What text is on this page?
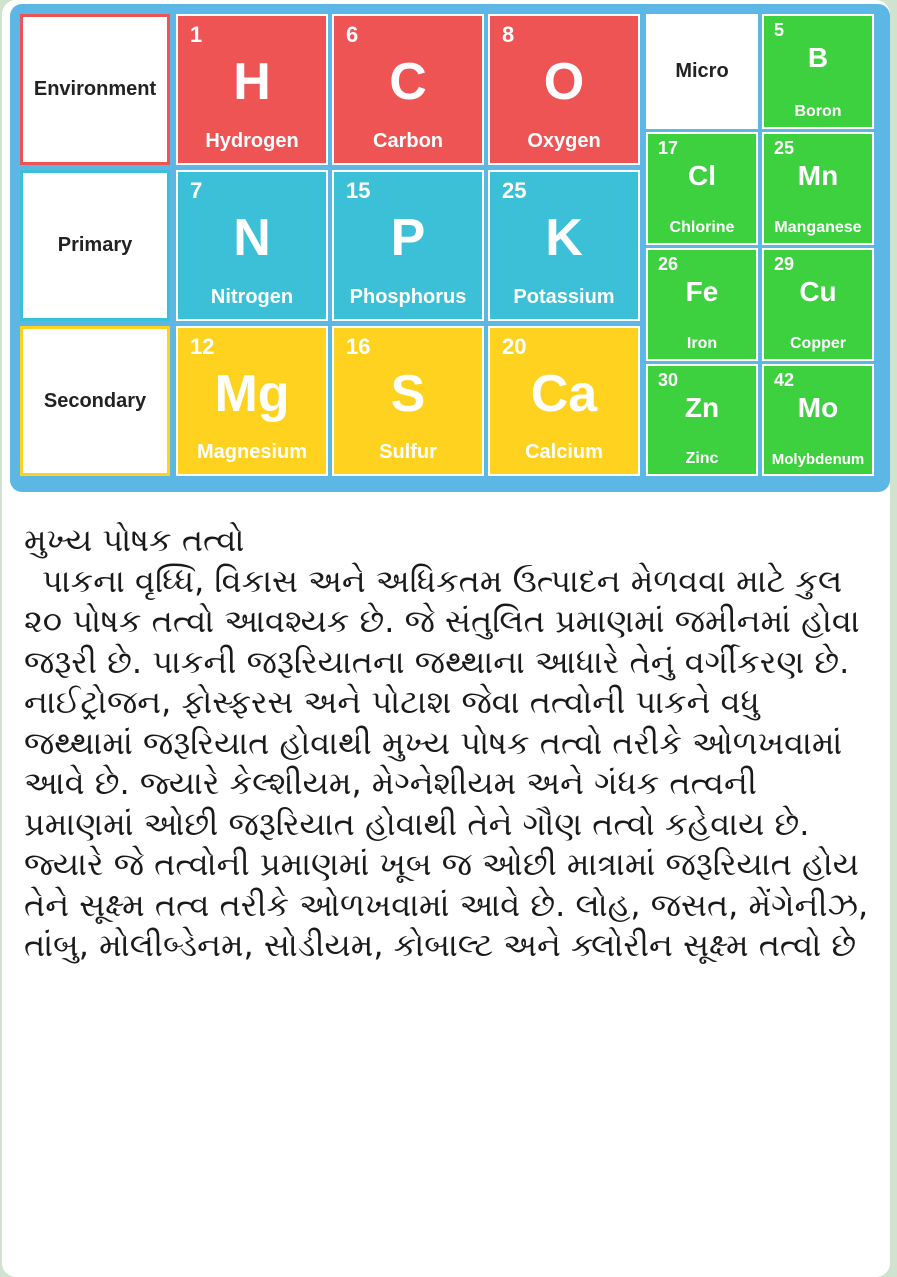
Environment
Primary
Secondary
1
H
Hydrogen
6
C
Carbon
8
O
Oxygen
7
N
Nitrogen
15
P
Phosphorus
25
K
Potassium
12
Mg
Magnesium
16
S
Sulfur
20
Ca
Calcium
Micro
5
B
Boron
17
Cl
Chlorine
25
Mn
Manganese
26
Fe
Iron
29
Cu
Copper
30
Zn
Zinc
42
Mo
Molybdenum
મુખ્ય પોષક તત્વો
પાકના વૃધ્ધિ, વિકાસ અને અધિકતમ ઉત્પાદન મેળવવા માટે કુલ ૨૦ પોષક તત્વો આવશ્યક છે. જે સંતુલિત પ્રમાણમાં જમીનમાં હોવા જરૂરી છે. પાકની જરૂરિયાતના જથ્થાના આધારે તેનું વર્ગીકરણ છે. નાઈટ્રોજન, ફોસ્ફરસ અને પોટાશ જેવા તત્વોની પાકને વધુ જથ્થામાં જરૂરિયાત હોવાથી મુખ્ય પોષક તત્વો તરીકે ઓળખવામાં આવે છે. જ્યારે કેલ્શીયમ, મેગ્નેશીયમ અને ગંધક તત્વની પ્રમાણમાં ઓછી જરૂરિયાત હોવાથી તેને ગૌણ તત્વો કહેવાય છે. જ્યારે જે તત્વોની પ્રમાણમાં ખૂબ જ ઓછી માત્રામાં જરૂરિયાત હોય તેને સૂક્ષ્મ તત્વ તરીકે ઓળખવામાં આવે છે. લોહ, જસત, મેંગેનીઝ, તાંબુ, મોલીબ્ડેનમ, સોડીયમ, કોબાલ્ટ અને ક્લોરીન સૂક્ષ્મ તત્વો છે
